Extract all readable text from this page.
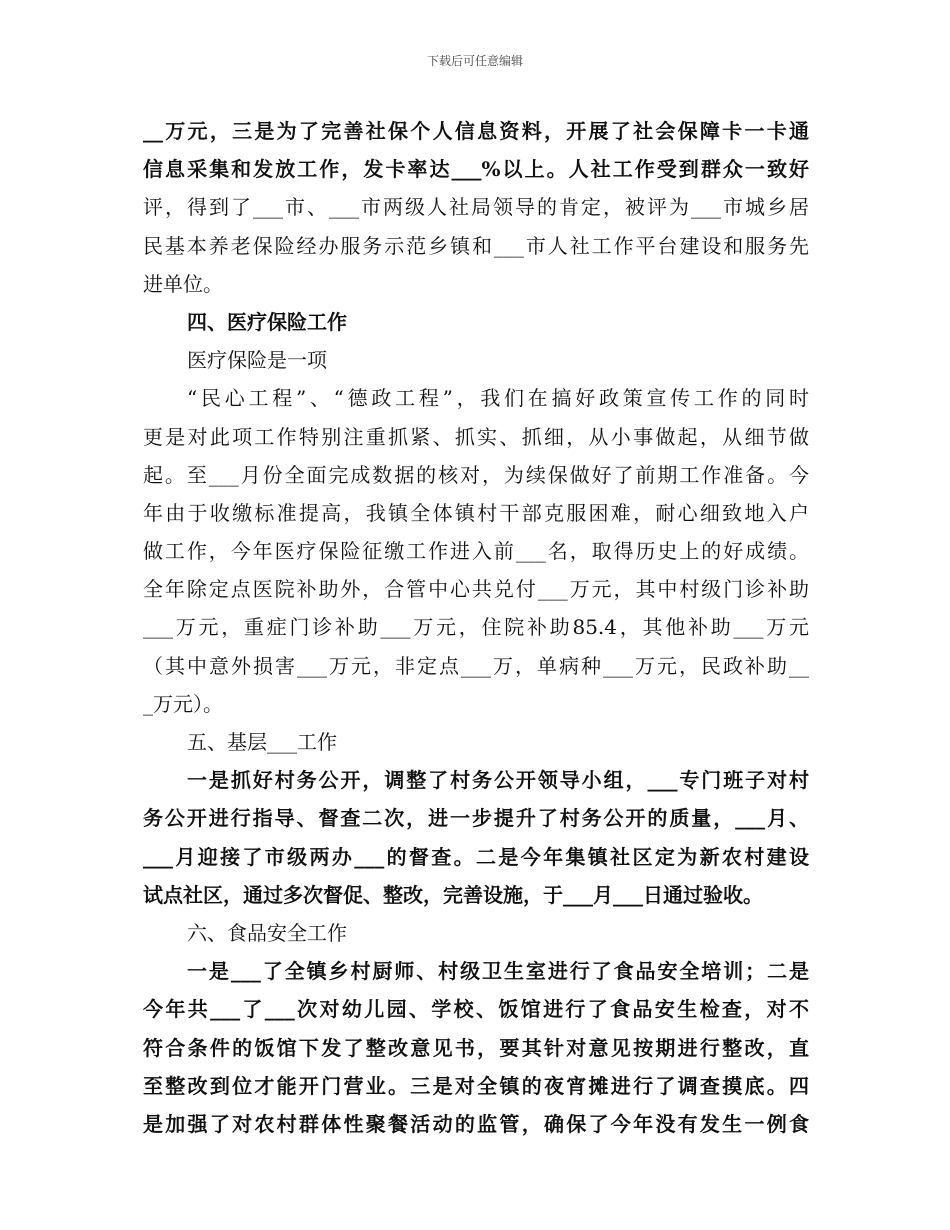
下载后可任意编辑
__万元，三是为了完善社保个人信息资料，开展了社会保障卡一卡通
信息采集和发放工作，发卡率达___%以上。人社工作受到群众一致好
评，得到了___市、___市两级人社局领导的肯定，被评为___市城乡居
民基本养老保险经办服务示范乡镇和___市人社工作平台建设和服务先
进单位。
四、医疗保险工作
医疗保险是一项
“民心工程”、“德政工程”，我们在搞好政策宣传工作的同时
更是对此项工作特别注重抓紧、抓实、抓细，从小事做起，从细节做
起。至___月份全面完成数据的核对，为续保做好了前期工作准备。今
年由于收缴标准提高，我镇全体镇村干部克服困难，耐心细致地入户
做工作，今年医疗保险征缴工作进入前___名，取得历史上的好成绩。
全年除定点医院补助外，合管中心共兑付___万元，其中村级门诊补助
___万元，重症门诊补助___万元，住院补助85.4，其他补助___万元
（其中意外损害___万元，非定点___万，单病种___万元，民政补助__
_万元）。
五、基层___工作
一是抓好村务公开，调整了村务公开领导小组，___专门班子对村
务公开进行指导、督查二次，进一步提升了村务公开的质量，___月、
___月迎接了市级两办___的督查。二是今年集镇社区定为新农村建设
试点社区，通过多次督促、整改，完善设施，于___月___日通过验收。
六、食品安全工作
一是___了全镇乡村厨师、村级卫生室进行了食品安全培训；二是
今年共___了___次对幼儿园、学校、饭馆进行了食品安生检查，对不
符合条件的饭馆下发了整改意见书，要其针对意见按期进行整改，直
至整改到位才能开门营业。三是对全镇的夜宵摊进行了调查摸底。四
是加强了对农村群体性聚餐活动的监管，确保了今年没有发生一例食
